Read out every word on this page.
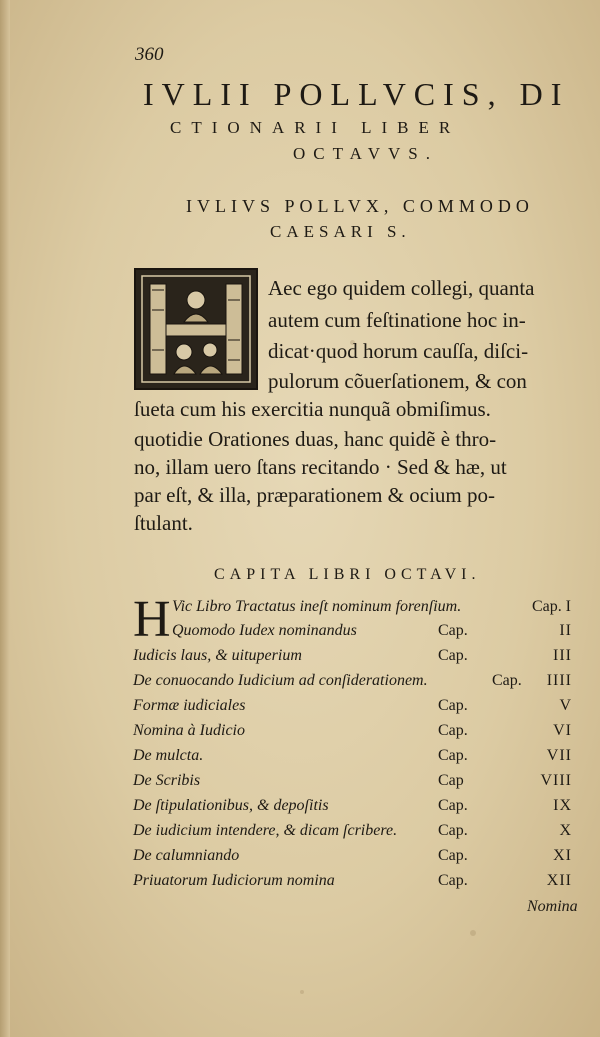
360
IVLII POLLVCIS, DI
CTIONARII LIBER
OCTAVVS.
IVLIVS POLLVX, COMMODO
CAESARI S.
Aec ego quidem collegi, quanta
autem cum feſtinatione hoc in-
dicat·quod horum cauſſa, diſci-
pulorum cõuerſationem, & con
ſueta cum his exercitia nunquã obmiſimus.
quotidie Orationes duas, hanc quidẽ è thro-
no, illam uero ſtans recitando · Sed & hæ, ut
par eſt, & illa, præparationem & ocium po-
ſtulant.
CAPITA LIBRI OCTAVI.
H Vic Libro Tractatus ineſt nominum forenſium.	Cap. I
Quomodo Iudex nominandus	Cap.	II
Iudicis laus, & uituperium	Cap.	III
De conuocando Iudicium ad conſiderationem.	Cap. IIII
Formæ iudiciales	Cap.	V
Nomina à Iudicio	Cap.	VI
De mulcta.	Cap.	VII
De Scribis	Cap	VIII
De ſtipulationibus, & depoſitis	Cap.	IX
De iudicium intendere, & dicam ſcribere.	Cap.	X
De calumniando	Cap.	XI
Priuatorum Iudiciorum nomina	Cap.	XII
Nomina
